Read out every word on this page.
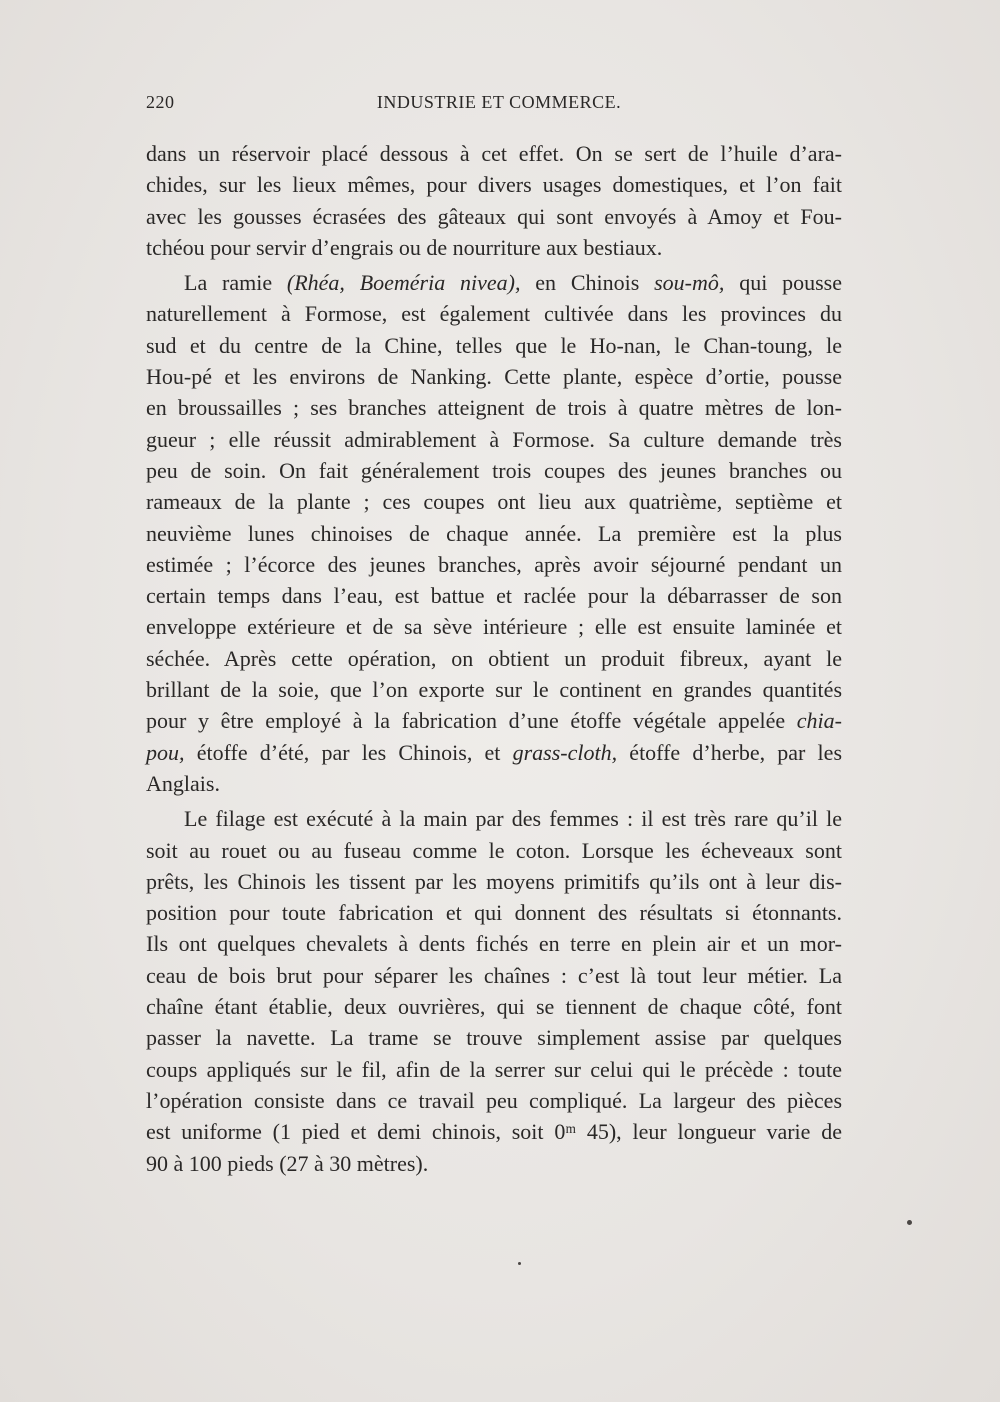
220	INDUSTRIE ET COMMERCE.
dans un réservoir placé dessous à cet effet. On se sert de l’huile d’ara-
chides, sur les lieux mêmes, pour divers usages domestiques, et l’on fait
avec les gousses écrasées des gâteaux qui sont envoyés à Amoy et Fou-
tchéou pour servir d’engrais ou de nourriture aux bestiaux.
La ramie (Rhéa, Boeméria nivea), en Chinois sou-mô, qui pousse
naturellement à Formose, est également cultivée dans les provinces du
sud et du centre de la Chine, telles que le Ho-nan, le Chan-toung, le
Hou-pé et les environs de Nanking. Cette plante, espèce d’ortie, pousse
en broussailles ; ses branches atteignent de trois à quatre mètres de lon-
gueur ; elle réussit admirablement à Formose. Sa culture demande très
peu de soin. On fait généralement trois coupes des jeunes branches ou
rameaux de la plante ; ces coupes ont lieu aux quatrième, septième et
neuvième lunes chinoises de chaque année. La première est la plus
estimée ; l’écorce des jeunes branches, après avoir séjourné pendant un
certain temps dans l’eau, est battue et raclée pour la débarrasser de son
enveloppe extérieure et de sa sève intérieure ; elle est ensuite laminée et
séchée. Après cette opération, on obtient un produit fibreux, ayant le
brillant de la soie, que l’on exporte sur le continent en grandes quantités
pour y être employé à la fabrication d’une étoffe végétale appelée chia-
pou, étoffe d’été, par les Chinois, et grass-cloth, étoffe d’herbe, par les
Anglais.
Le filage est exécuté à la main par des femmes : il est très rare qu’il le
soit au rouet ou au fuseau comme le coton. Lorsque les écheveaux sont
prêts, les Chinois les tissent par les moyens primitifs qu’ils ont à leur dis-
position pour toute fabrication et qui donnent des résultats si étonnants.
Ils ont quelques chevalets à dents fichés en terre en plein air et un mor-
ceau de bois brut pour séparer les chaînes : c’est là tout leur métier. La
chaîne étant établie, deux ouvrières, qui se tiennent de chaque côté, font
passer la navette. La trame se trouve simplement assise par quelques
coups appliqués sur le fil, afin de la serrer sur celui qui le précède : toute
l’opération consiste dans ce travail peu compliqué. La largeur des pièces
est uniforme (1 pied et demi chinois, soit 0ᵐ 45), leur longueur varie de
90 à 100 pieds (27 à 30 mètres).
